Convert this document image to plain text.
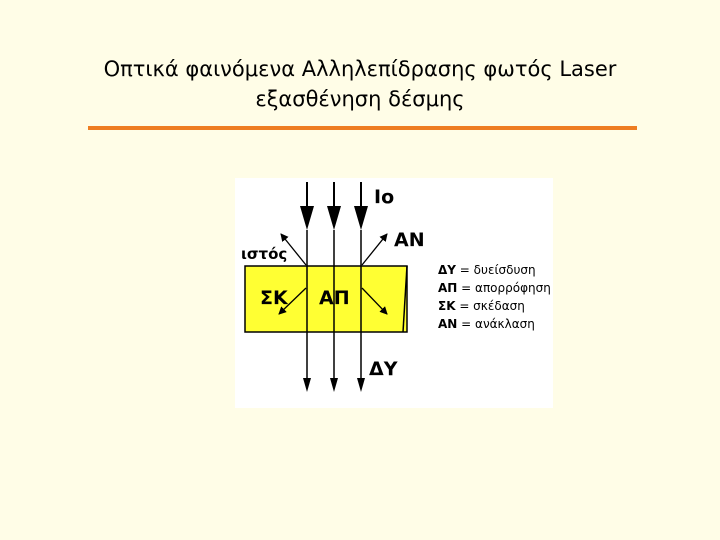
Οπτικά φαινόμενα Αλληλεπίδρασης φωτός Laser
εξασθένηση δέσμης
Ιο
ΑΝ
ιστός
ΣΚ ΑΠ
ΔΥ
ΔΥ = δυείσδυση
ΑΠ = απορρόφηση
ΣΚ = σκέδαση
ΑΝ = ανάκλαση
